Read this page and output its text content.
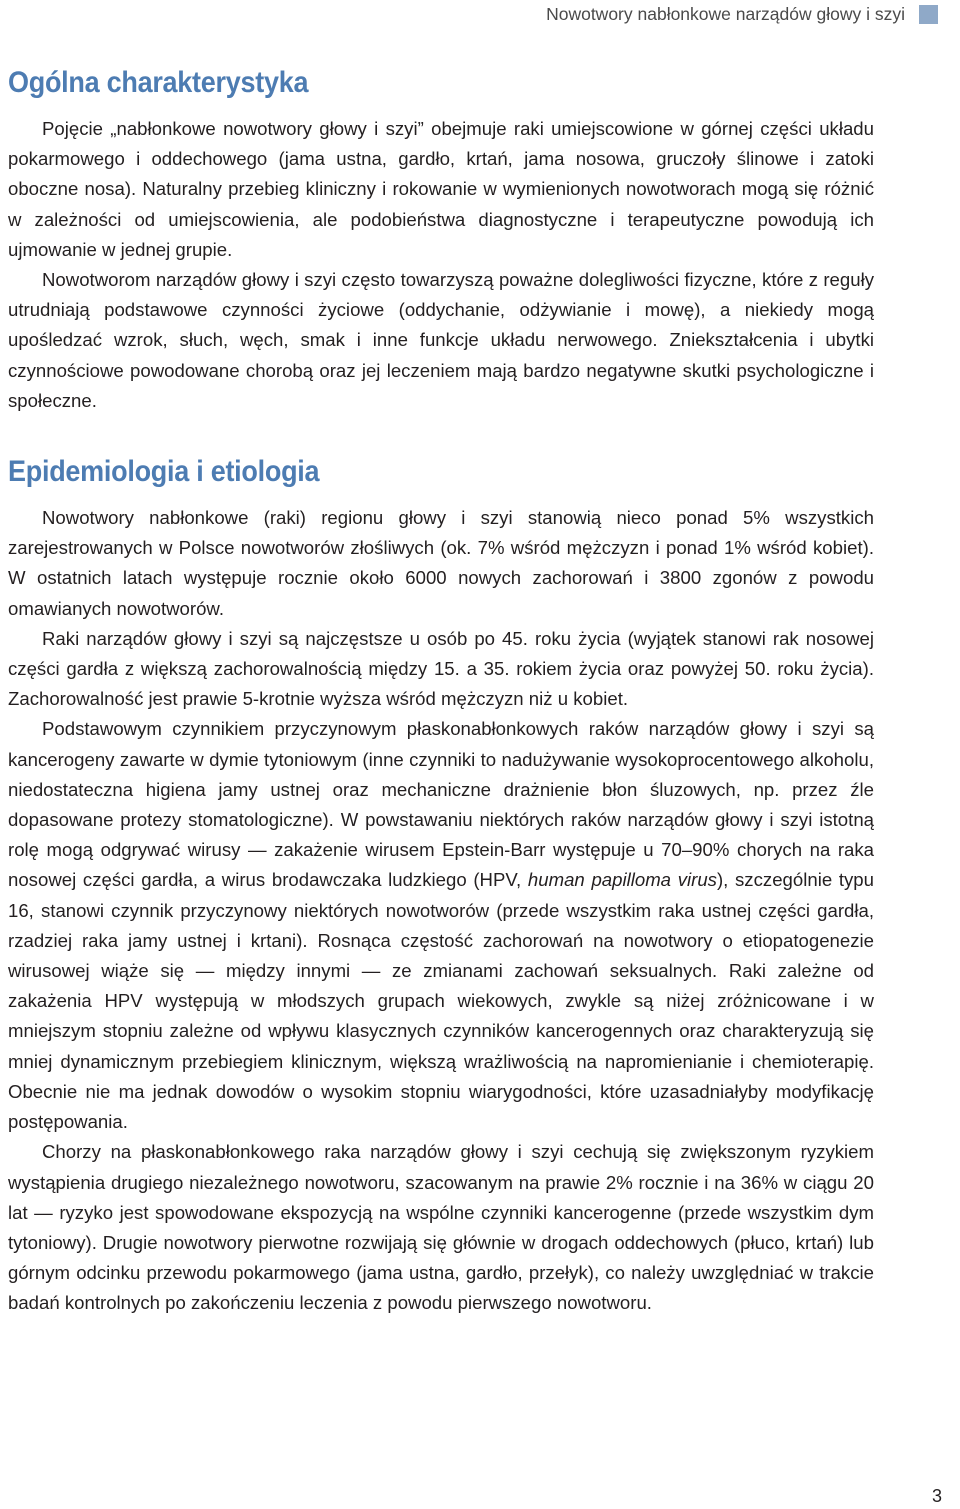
Nowotwory nabłonkowe narządów głowy i szyi
Ogólna charakterystyka

Pojęcie „nabłonkowe nowotwory głowy i szyi” obejmuje raki umiejscowione w górnej części układu pokarmowego i oddechowego (jama ustna, gardło, krtań, jama nosowa, gruczoły ślinowe i zatoki oboczne nosa). Naturalny przebieg kliniczny i rokowanie w wymienionych nowotworach mogą się różnić w zależności od umiejscowienia, ale podobieństwa diagnostyczne i terapeutyczne powodują ich ujmowanie w jednej grupie.

Nowotworom narządów głowy i szyi często towarzyszą poważne dolegliwości fizyczne, które z reguły utrudniają podstawowe czynności życiowe (oddychanie, odżywianie i mowę), a niekiedy mogą upośledzać wzrok, słuch, węch, smak i inne funkcje układu nerwowego. Zniekształcenia i ubytki czynnościowe powodowane chorobą oraz jej leczeniem mają bardzo negatywne skutki psychologiczne i społeczne.

Epidemiologia i etiologia

Nowotwory nabłonkowe (raki) regionu głowy i szyi stanowią nieco ponad 5% wszystkich zarejestrowanych w Polsce nowotworów złośliwych (ok. 7% wśród mężczyzn i ponad 1% wśród kobiet). W ostatnich latach występuje rocznie około 6000 nowych zachorowań i 3800 zgonów z powodu omawianych nowotworów.

Raki narządów głowy i szyi są najczęstsze u osób po 45. roku życia (wyjątek stanowi rak nosowej części gardła z większą zachorowalnością między 15. a 35. rokiem życia oraz powyżej 50. roku życia). Zachorowalność jest prawie 5-krotnie wyższa wśród mężczyzn niż u kobiet.

Podstawowym czynnikiem przyczynowym płaskonabłonkowych raków narządów głowy i szyi są kancerogeny zawarte w dymie tytoniowym (inne czynniki to nadużywanie wysokoprocentowego alkoholu, niedostateczna higiena jamy ustnej oraz mechaniczne drażnienie błon śluzowych, np. przez źle dopasowane protezy stomatologiczne). W powstawaniu niektórych raków narządów głowy i szyi istotną rolę mogą odgrywać wirusy — zakażenie wirusem Epstein-Barr występuje u 70–90% chorych na raka nosowej części gardła, a wirus brodawczaka ludzkiego (HPV, human papilloma virus), szczególnie typu 16, stanowi czynnik przyczynowy niektórych nowotworów (przede wszystkim raka ustnej części gardła, rzadziej raka jamy ustnej i krtani). Rosnąca częstość zachorowań na nowotwory o etiopatogenezie wirusowej wiąże się — między innymi — ze zmianami zachowań seksualnych. Raki zależne od zakażenia HPV występują w młodszych grupach wiekowych, zwykle są niżej zróżnicowane i w mniejszym stopniu zależne od wpływu klasycznych czynników kancerogennych oraz charakteryzują się mniej dynamicznym przebiegiem klinicznym, większą wrażliwością na napromienianie i chemioterapię. Obecnie nie ma jednak dowodów o wysokim stopniu wiarygodności, które uzasadniałyby modyfikację postępowania.

Chorzy na płaskonabłonkowego raka narządów głowy i szyi cechują się zwiększonym ryzykiem wystąpienia drugiego niezależnego nowotworu, szacowanym na prawie 2% rocznie i na 36% w ciągu 20 lat — ryzyko jest spowodowane ekspozycją na wspólne czynniki kancerogenne (przede wszystkim dym tytoniowy). Drugie nowotwory pierwotne rozwijają się głównie w drogach oddechowych (płuco, krtań) lub górnym odcinku przewodu pokarmowego (jama ustna, gardło, przełyk), co należy uwzględniać w trakcie badań kontrolnych po zakończeniu leczenia z powodu pierwszego nowotworu.

3
